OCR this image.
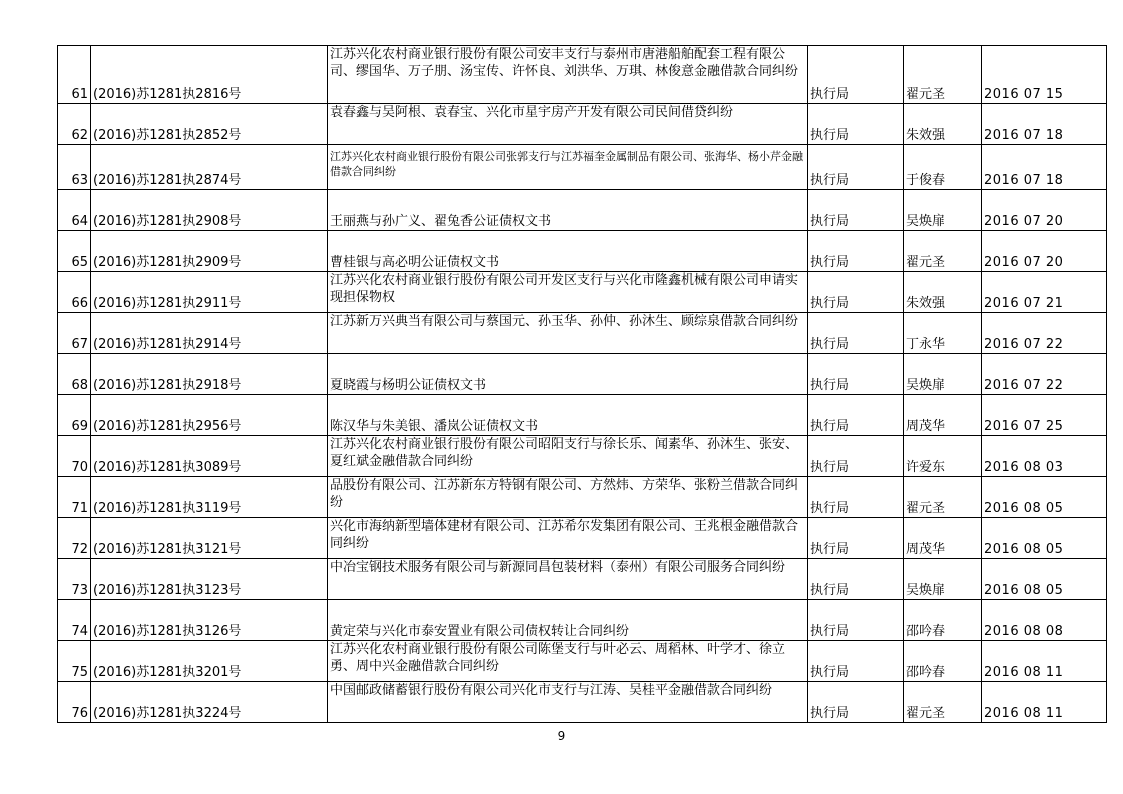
61	(2016)苏1281执2816号	江苏兴化农村商业银行股份有限公司安丰支行与泰州市唐港船舶配套工程有限公司、缪国华、万子朋、汤宝传、许怀良、刘洪华、万琪、林俊意金融借款合同纠纷	执行局	翟元圣	2016 07 15
62	(2016)苏1281执2852号	袁春鑫与吴阿根、袁春宝、兴化市星宇房产开发有限公司民间借贷纠纷	执行局	朱效强	2016 07 18
63	(2016)苏1281执2874号	江苏兴化农村商业银行股份有限公司张郭支行与江苏福奎金属制品有限公司、张海华、杨小芹金融借款合同纠纷	执行局	于俊春	2016 07 18
64	(2016)苏1281执2908号	王丽燕与孙广义、翟兔香公证债权文书	执行局	吴焕扉	2016 07 20
65	(2016)苏1281执2909号	曹桂银与高必明公证债权文书	执行局	翟元圣	2016 07 20
66	(2016)苏1281执2911号	江苏兴化农村商业银行股份有限公司开发区支行与兴化市隆鑫机械有限公司申请实现担保物权	执行局	朱效强	2016 07 21
67	(2016)苏1281执2914号	江苏新万兴典当有限公司与蔡国元、孙玉华、孙仲、孙沐生、顾综泉借款合同纠纷	执行局	丁永华	2016 07 22
68	(2016)苏1281执2918号	夏晓霞与杨明公证债权文书	执行局	吴焕扉	2016 07 22
69	(2016)苏1281执2956号	陈汉华与朱美银、潘岚公证债权文书	执行局	周茂华	2016 07 25
70	(2016)苏1281执3089号	江苏兴化农村商业银行股份有限公司昭阳支行与徐长乐、闻素华、孙沐生、张安、夏红斌金融借款合同纠纷	执行局	许爱东	2016 08 03
71	(2016)苏1281执3119号	品股份有限公司、江苏新东方特钢有限公司、方然炜、方荣华、张粉兰借款合同纠纷	执行局	翟元圣	2016 08 05
72	(2016)苏1281执3121号	兴化市海纳新型墙体建材有限公司、江苏希尔发集团有限公司、王兆根金融借款合同纠纷	执行局	周茂华	2016 08 05
73	(2016)苏1281执3123号	中冶宝钢技术服务有限公司与新源同昌包装材料（泰州）有限公司服务合同纠纷	执行局	吴焕扉	2016 08 05
74	(2016)苏1281执3126号	黄定荣与兴化市泰安置业有限公司债权转让合同纠纷	执行局	邵吟春	2016 08 08
75	(2016)苏1281执3201号	江苏兴化农村商业银行股份有限公司陈堡支行与叶必云、周稻林、叶学才、徐立勇、周中兴金融借款合同纠纷	执行局	邵吟春	2016 08 11
76	(2016)苏1281执3224号	中国邮政储蓄银行股份有限公司兴化市支行与江涛、吴桂平金融借款合同纠纷	执行局	翟元圣	2016 08 11
9
